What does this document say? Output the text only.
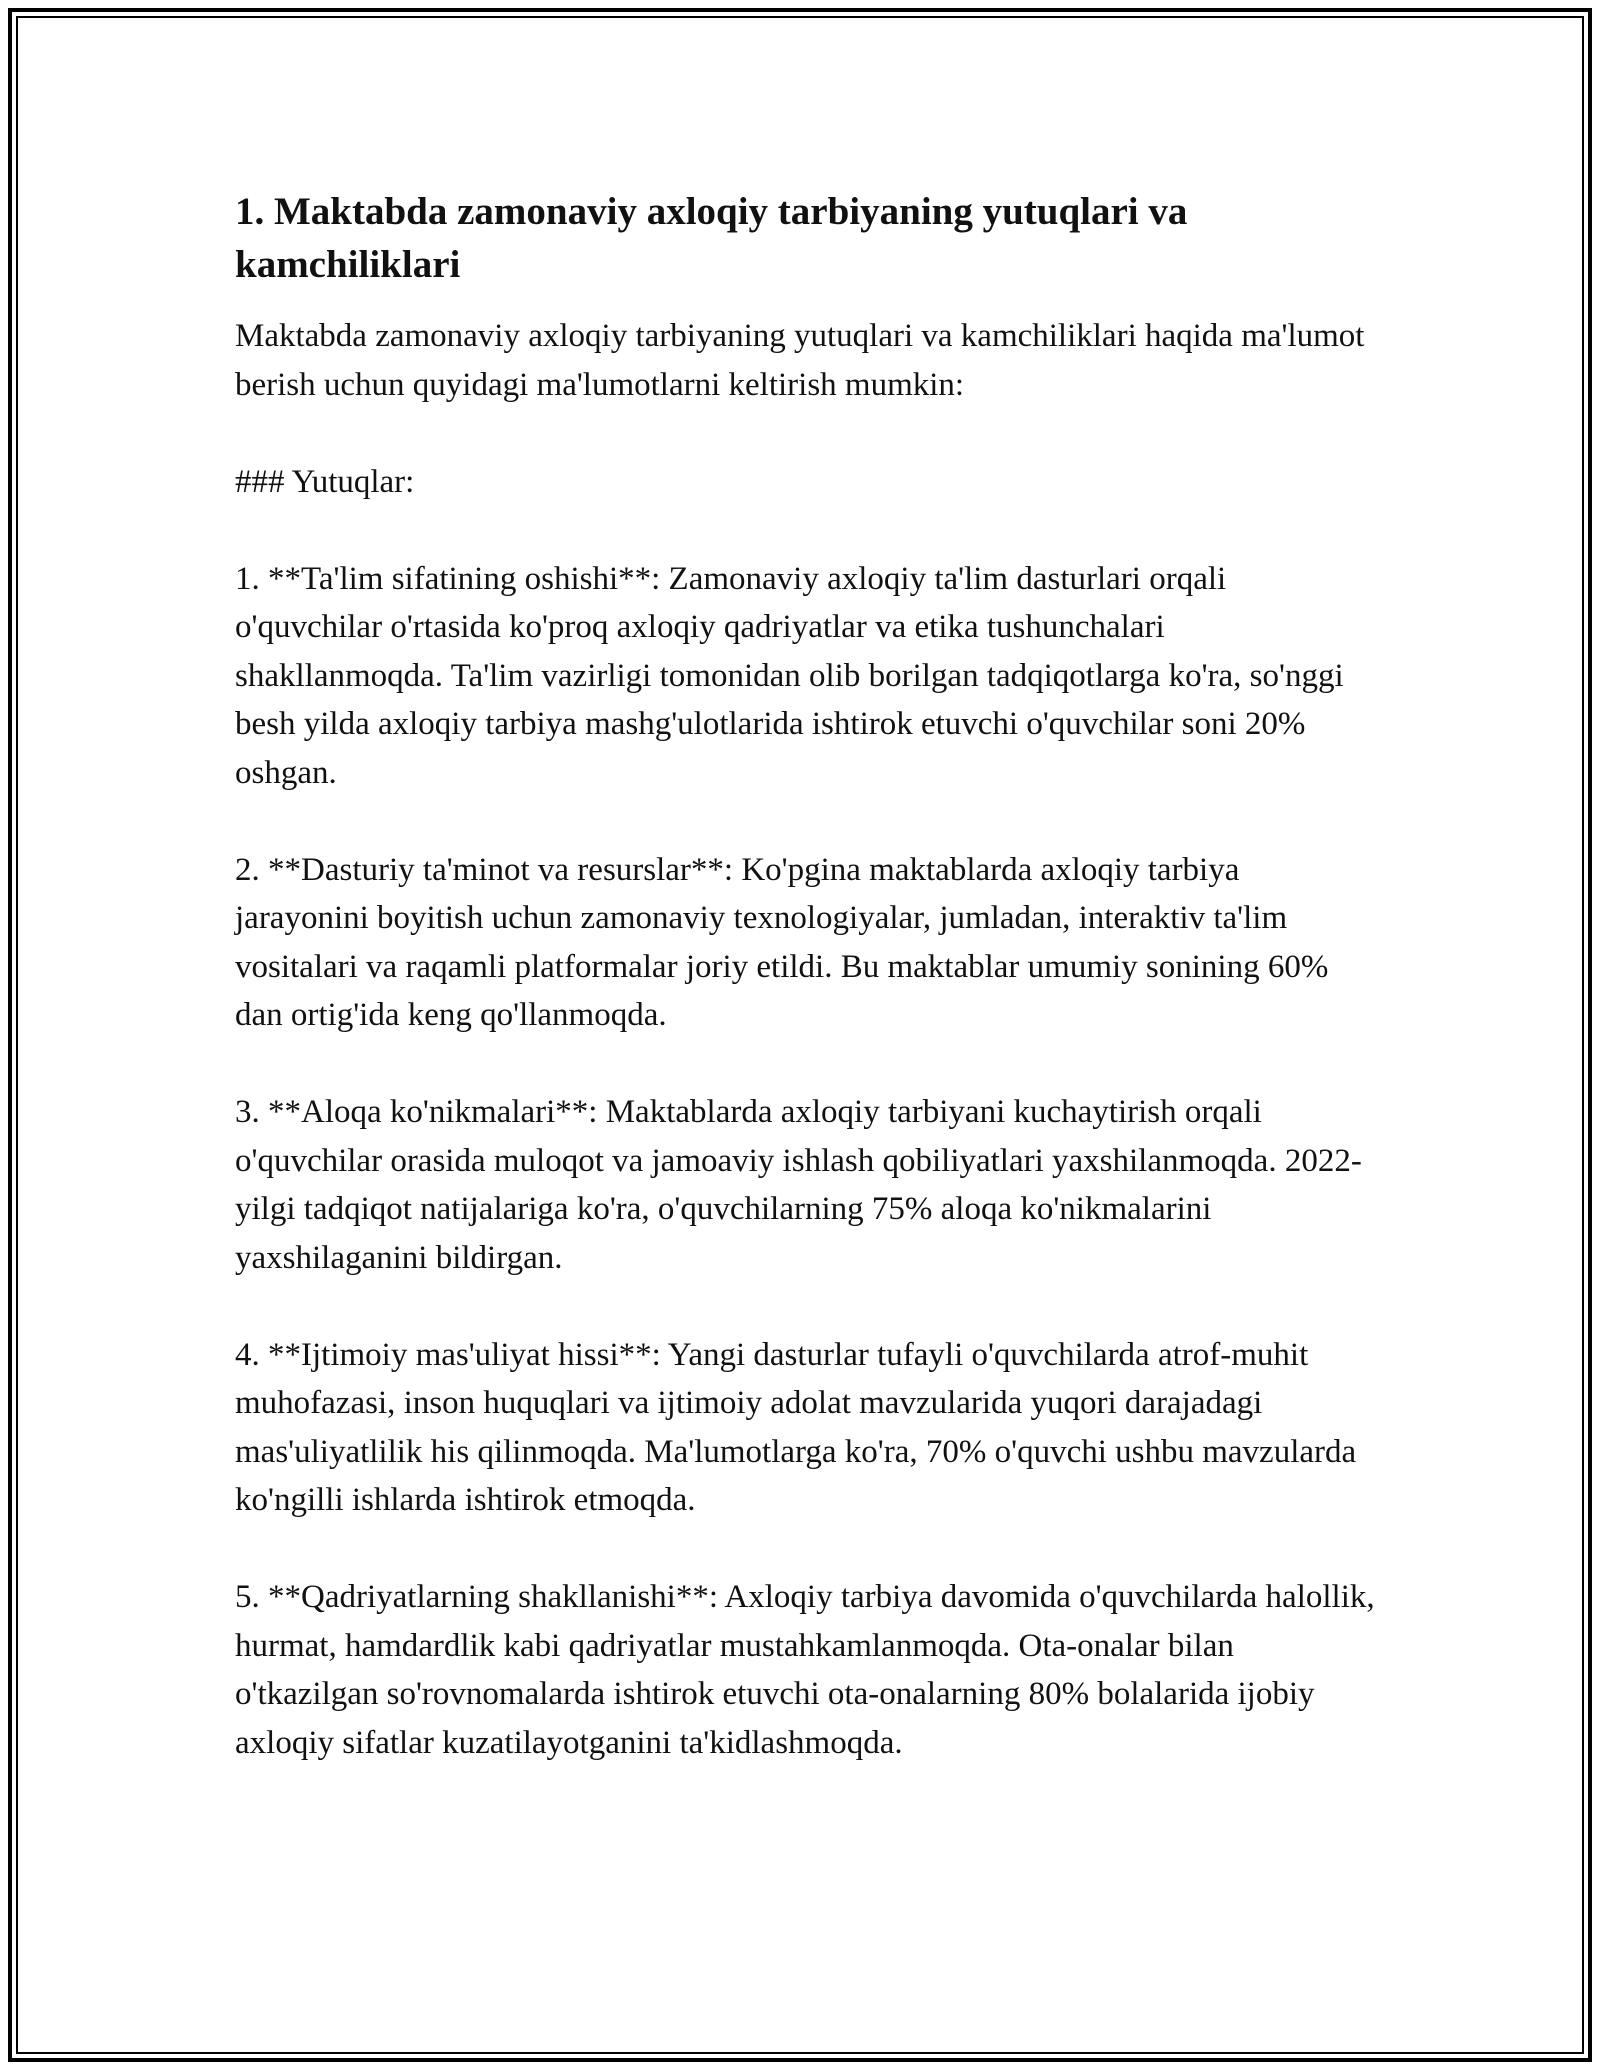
1. Maktabda zamonaviy axloqiy tarbiyaning yutuqlari va kamchiliklari

Maktabda zamonaviy axloqiy tarbiyaning yutuqlari va kamchiliklari haqida ma'lumot berish uchun quyidagi ma'lumotlarni keltirish mumkin:

### Yutuqlar:

1. **Ta'lim sifatining oshishi**: Zamonaviy axloqiy ta'lim dasturlari orqali o'quvchilar o'rtasida ko'proq axloqiy qadriyatlar va etika tushunchalari shakllanmoqda. Ta'lim vazirligi tomonidan olib borilgan tadqiqotlarga ko'ra, so'nggi besh yilda axloqiy tarbiya mashg'ulotlarida ishtirok etuvchi o'quvchilar soni 20% oshgan.

2. **Dasturiy ta'minot va resurslar**: Ko'pgina maktablarda axloqiy tarbiya jarayonini boyitish uchun zamonaviy texnologiyalar, jumladan, interaktiv ta'lim vositalari va raqamli platformalar joriy etildi. Bu maktablar umumiy sonining 60% dan ortig'ida keng qo'llanmoqda.

3. **Aloqa ko'nikmalari**: Maktablarda axloqiy tarbiyani kuchaytirish orqali o'quvchilar orasida muloqot va jamoaviy ishlash qobiliyatlari yaxshilanmoqda. 2022-yilgi tadqiqot natijalariga ko'ra, o'quvchilarning 75% aloqa ko'nikmalarini yaxshilaganini bildirgan.

4. **Ijtimoiy mas'uliyat hissi**: Yangi dasturlar tufayli o'quvchilarda atrof-muhit muhofazasi, inson huquqlari va ijtimoiy adolat mavzularida yuqori darajadagi mas'uliyatlilik his qilinmoqda. Ma'lumotlarga ko'ra, 70% o'quvchi ushbu mavzularda ko'ngilli ishlarda ishtirok etmoqda.

5. **Qadriyatlarning shakllanishi**: Axloqiy tarbiya davomida o'quvchilarda halollik, hurmat, hamdardlik kabi qadriyatlar mustahkamlanmoqda. Ota-onalar bilan o'tkazilgan so'rovnomalarda ishtirok etuvchi ota-onalarning 80% bolalarida ijobiy axloqiy sifatlar kuzatilayotganini ta'kidlashmoqda.
